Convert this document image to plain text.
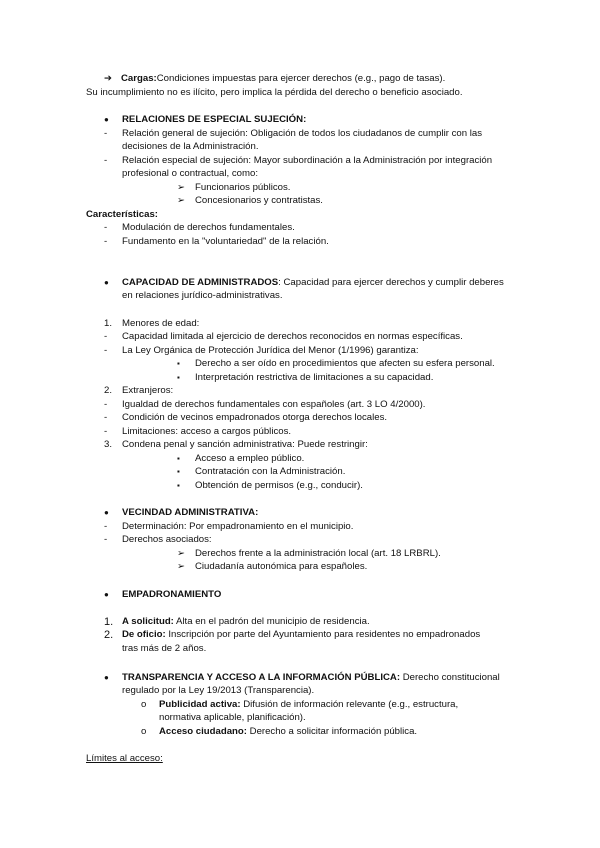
➔ Cargas:Condiciones impuestas para ejercer derechos (e.g., pago de tasas).
Su incumplimiento no es ilícito, pero implica la pérdida del derecho o beneficio asociado.
● RELACIONES DE ESPECIAL SUJECIÓN:
- Relación general de sujeción: Obligación de todos los ciudadanos de cumplir con las
decisiones de la Administración.
- Relación especial de sujeción: Mayor subordinación a la Administración por integración
profesional o contractual, como:
➢ Funcionarios públicos.
➢ Concesionarios y contratistas.
Características:
- Modulación de derechos fundamentales.
- Fundamento en la "voluntariedad" de la relación.
● CAPACIDAD DE ADMINISTRADOS: Capacidad para ejercer derechos y cumplir deberes
en relaciones jurídico-administrativas.
1. Menores de edad:
- Capacidad limitada al ejercicio de derechos reconocidos en normas específicas.
- La Ley Orgánica de Protección Jurídica del Menor (1/1996) garantiza:
▪ Derecho a ser oído en procedimientos que afecten su esfera personal.
▪ Interpretación restrictiva de limitaciones a su capacidad.
2. Extranjeros:
- Igualdad de derechos fundamentales con españoles (art. 3 LO 4/2000).
- Condición de vecinos empadronados otorga derechos locales.
- Limitaciones: acceso a cargos públicos.
3. Condena penal y sanción administrativa: Puede restringir:
▪ Acceso a empleo público.
▪ Contratación con la Administración.
▪ Obtención de permisos (e.g., conducir).
● VECINDAD ADMINISTRATIVA:
- Determinación: Por empadronamiento en el municipio.
- Derechos asociados:
➢ Derechos frente a la administración local (art. 18 LRBRL).
➢ Ciudadanía autonómica para españoles.
● EMPADRONAMIENTO
1. A solicitud: Alta en el padrón del municipio de residencia.
2. De oficio: Inscripción por parte del Ayuntamiento para residentes no empadronados
tras más de 2 años.
● TRANSPARENCIA Y ACCESO A LA INFORMACIÓN PÚBLICA: Derecho constitucional
regulado por la Ley 19/2013 (Transparencia).
o Publicidad activa: Difusión de información relevante (e.g., estructura,
normativa aplicable, planificación).
o Acceso ciudadano: Derecho a solicitar información pública.
Límites al acceso:
